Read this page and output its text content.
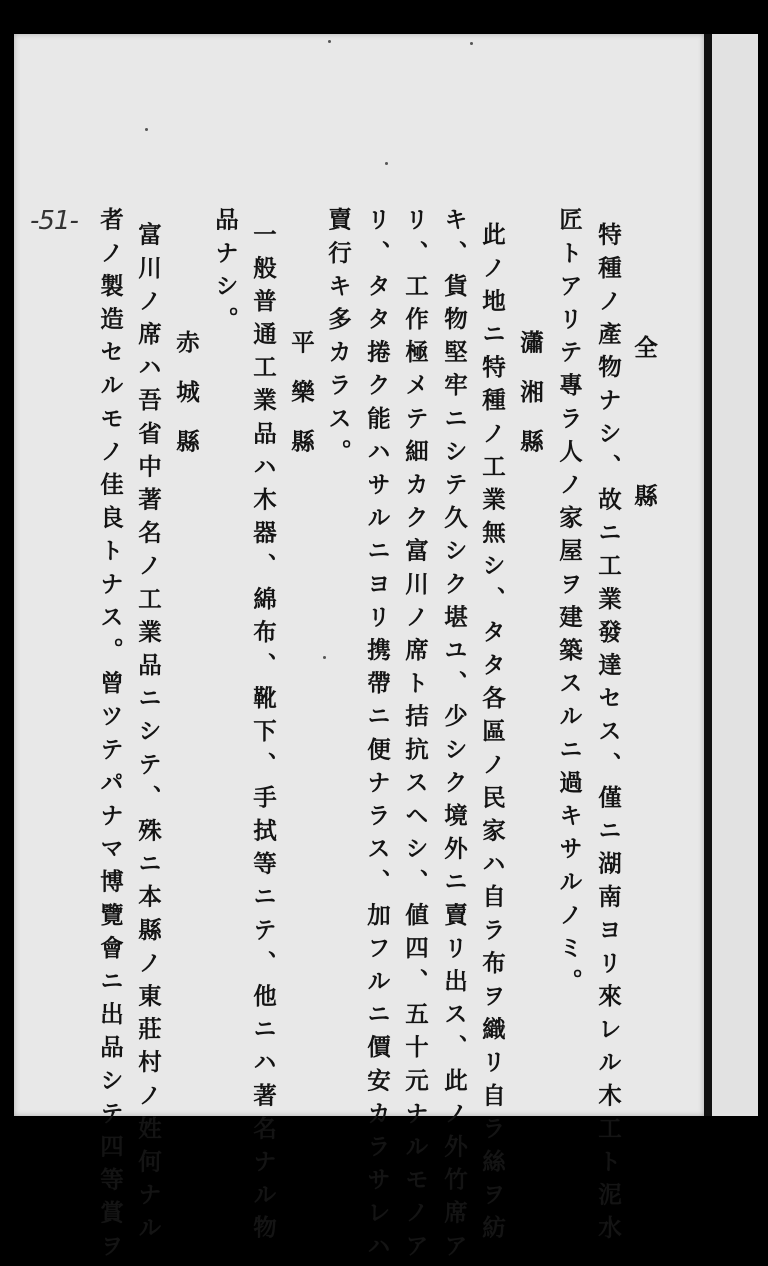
-51-
全　　縣
特種ノ產物ナシ、故ニ工業發達セス、僅ニ湖南ヨリ來レル木工ト泥水
匠トアリテ專ラ人ノ家屋ヲ建築スルニ過キサルノミ。
瀟湘縣
此ノ地ニ特種ノ工業無シ、タタ各區ノ民家ハ自ラ布ヲ織リ自ラ絲ヲ紡
キ、貨物堅牢ニシテ久シク堪ユ、少シク境外ニ賣リ出ス、此ノ外竹席ア
リ、工作極メテ細カク富川ノ席ト拮抗スヘシ、値四、五十元ナルモノア
リ、タタ捲ク能ハサルニヨリ携帶ニ便ナラス、加フルニ價安カラサレハ
賣行キ多カラス。
平樂縣
一般普通工業品ハ木器、綿布、靴下、手拭等ニテ、他ニハ著名ナル物
品ナシ。
赤城縣
富川ノ席ハ吾省中著名ノ工業品ニシテ、殊ニ本縣ノ東莊村ノ姓何ナル
者ノ製造セルモノ佳良トナス。曾ツテパナマ博覽會ニ出品シテ四等賞ヲ
